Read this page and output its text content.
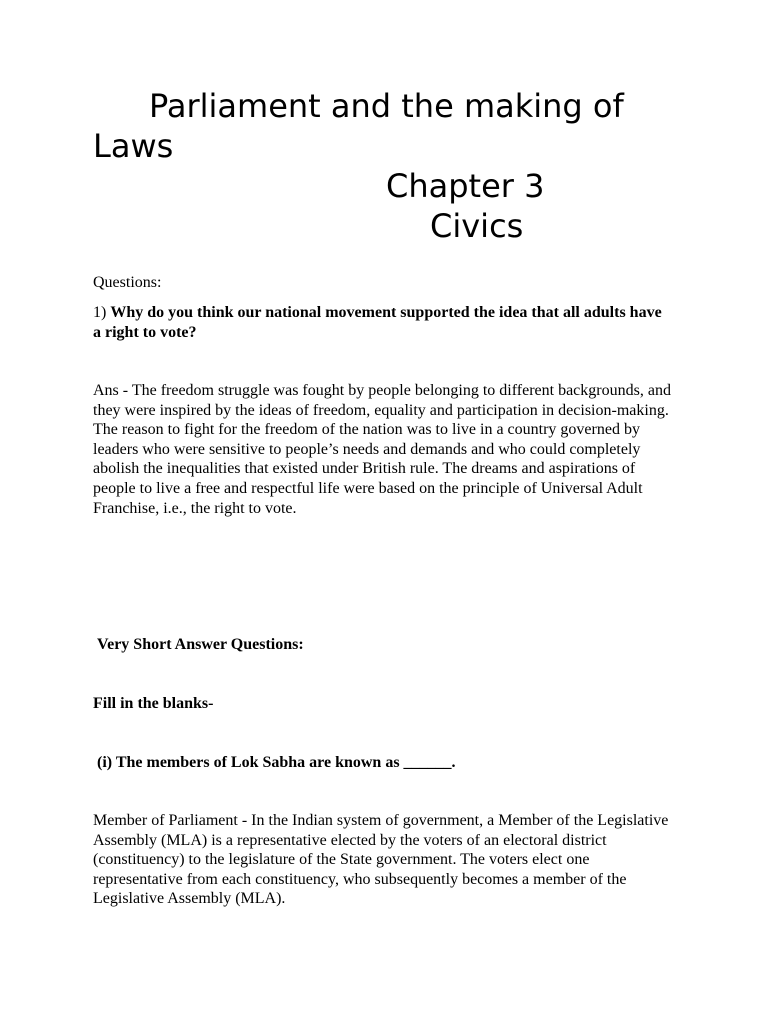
Parliament and the making of
Laws
Chapter 3
Civics
Questions:
1) Why do you think our national movement supported the idea that all adults have a right to vote?
Ans - The freedom struggle was fought by people belonging to different backgrounds, and they were inspired by the ideas of freedom, equality and participation in decision-making. The reason to fight for the freedom of the nation was to live in a country governed by leaders who were sensitive to people’s needs and demands and who could completely abolish the inequalities that existed under British rule. The dreams and aspirations of people to live a free and respectful life were based on the principle of Universal Adult Franchise, i.e., the right to vote.
Very Short Answer Questions:
Fill in the blanks-
(i) The members of Lok Sabha are known as ______.
Member of Parliament - In the Indian system of government, a Member of the Legislative Assembly (MLA) is a representative elected by the voters of an electoral district (constituency) to the legislature of the State government. The voters elect one representative from each constituency, who subsequently becomes a member of the Legislative Assembly (MLA).
